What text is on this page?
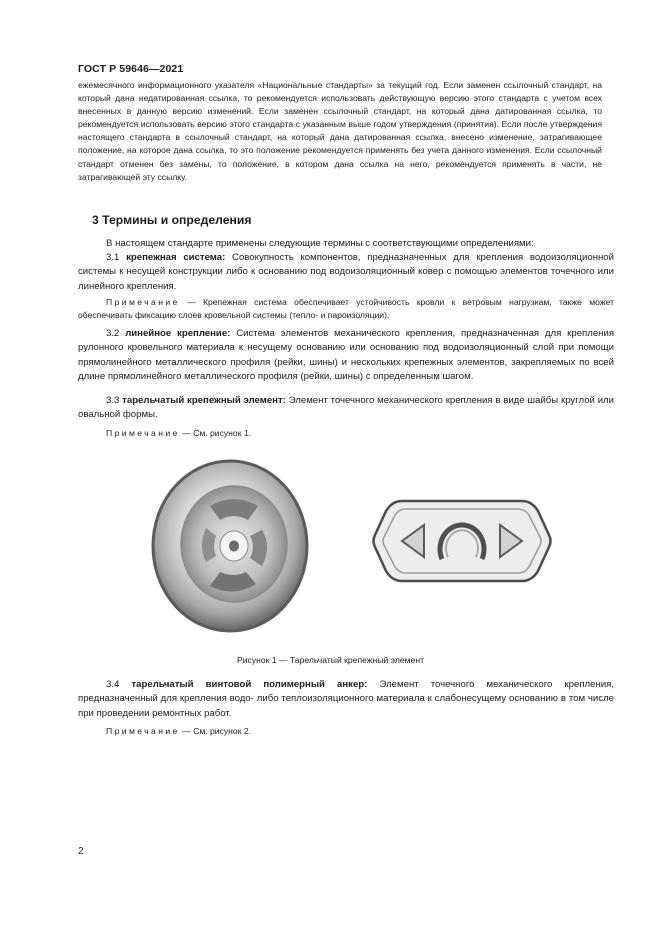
ГОСТ Р 59646—2021
ежемесячного информационного указателя «Национальные стандарты» за текущий год. Если заменен ссылочный стандарт, на который дана недатированная ссылка, то рекомендуется использовать действующую версию этого стандарта с учетом всех внесенных в данную версию изменений. Если заменен ссылочный стандарт, на который дана датированная ссылка, то рекомендуется использовать версию этого стандарта с указанным выше годом утверждения (принятия). Если после утверждения настоящего стандарта в ссылочный стандарт, на который дана датированная ссылка, внесено изменение, затрагивающее положение, на которое дана ссылка, то это положение рекомендуется применять без учета данного изменения. Если ссылочный стандарт отменен без замены, то положение, в котором дана ссылка на него, рекомендуется применять в части, не затрагивающей эту ссылку.
3 Термины и определения
В настоящем стандарте применены следующие термины с соответствующими определениями:
3.1 крепежная система: Совокупность компонентов, предназначенных для крепления водоизоляционной системы к несущей конструкции либо к основанию под водоизоляционный ковер с помощью элементов точечного или линейного крепления.
Примечание — Крепежная система обеспечивает устойчивость кровли к ветровым нагрузкам, также может обеспечивать фиксацию слоев кровельной системы (тепло- и пароизоляции).
3.2 линейное крепление: Система элементов механического крепления, предназначенная для крепления рулонного кровельного материала к несущему основанию или основанию под водоизоляционный слой при помощи прямолинейного металлического профиля (рейки, шины) и нескольких крепежных элементов, закрепляемых по всей длине прямолинейного металлического профиля (рейки, шины) с определенным шагом.
3.3 тарельчатый крепежный элемент: Элемент точечного механического крепления в виде шайбы круглой или овальной формы.
Примечание — См. рисунок 1.
Рисунок 1 — Тарельчатый крепежный элемент
3.4 тарельчатый винтовой полимерный анкер: Элемент точечного механического крепления, предназначенный для крепления водо- либо теплоизоляционного материала к слабонесущему основанию в том числе при проведении ремонтных работ.
Примечание — См. рисунок 2.
2
